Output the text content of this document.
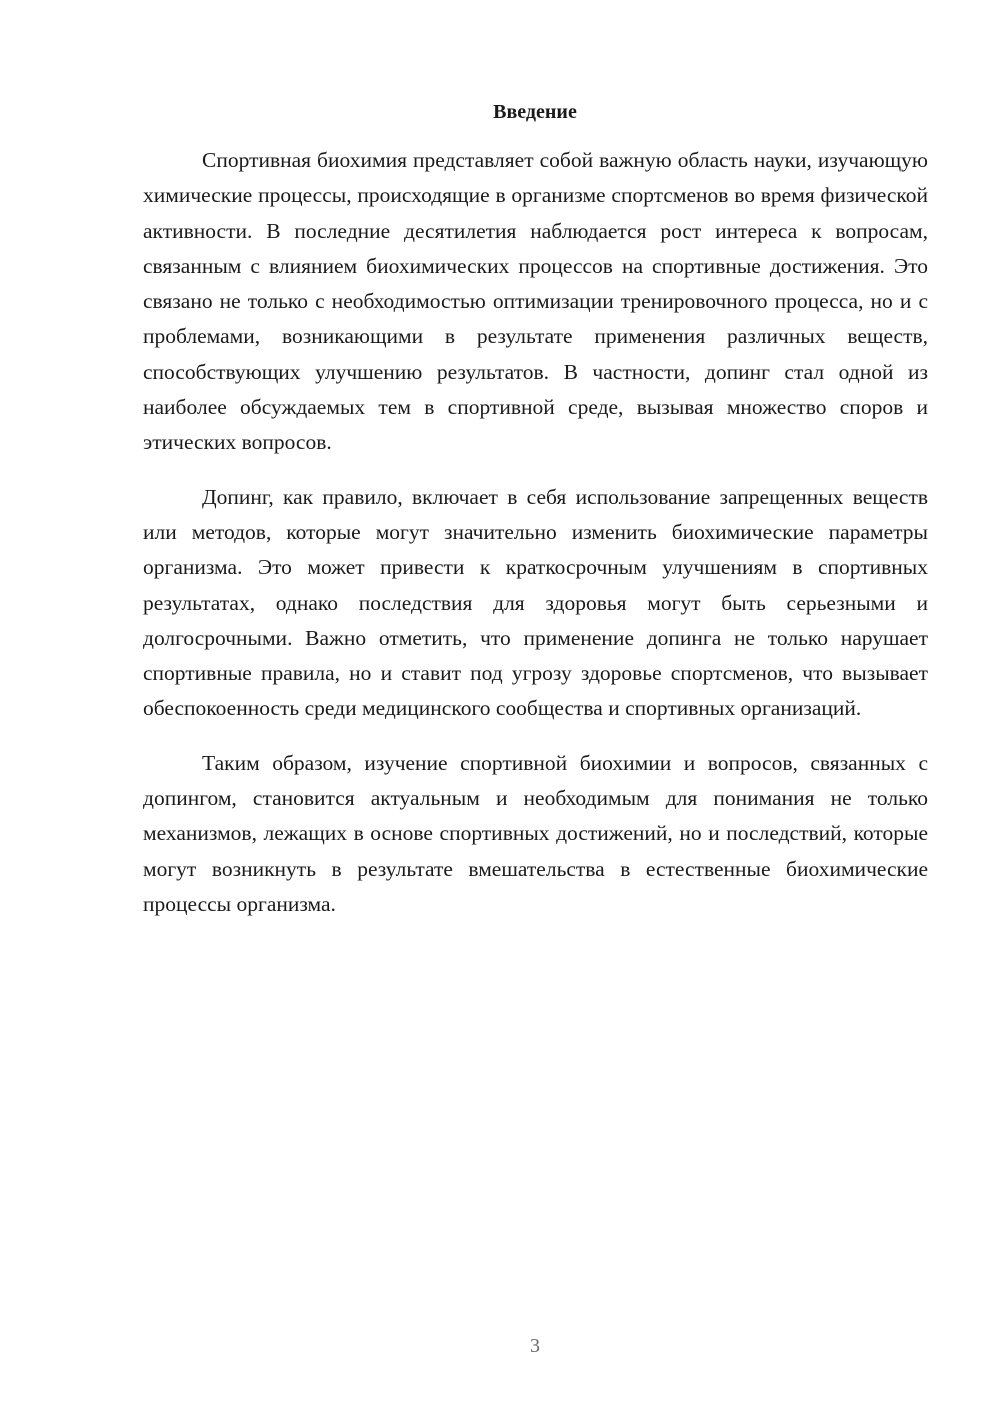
Введение

Спортивная биохимия представляет собой важную область науки, изучающую химические процессы, происходящие в организме спортсменов во время физической активности. В последние десятилетия наблюдается рост интереса к вопросам, связанным с влиянием биохимических процессов на спортивные достижения. Это связано не только с необходимостью оптимизации тренировочного процесса, но и с проблемами, возникающими в результате применения различных веществ, способствующих улучшению результатов. В частности, допинг стал одной из наиболее обсуждаемых тем в спортивной среде, вызывая множество споров и этических вопросов.

Допинг, как правило, включает в себя использование запрещенных веществ или методов, которые могут значительно изменить биохимические параметры организма. Это может привести к краткосрочным улучшениям в спортивных результатах, однако последствия для здоровья могут быть серьезными и долгосрочными. Важно отметить, что применение допинга не только нарушает спортивные правила, но и ставит под угрозу здоровье спортсменов, что вызывает обеспокоенность среди медицинского сообщества и спортивных организаций.

Таким образом, изучение спортивной биохимии и вопросов, связанных с допингом, становится актуальным и необходимым для понимания не только механизмов, лежащих в основе спортивных достижений, но и последствий, которые могут возникнуть в результате вмешательства в естественные биохимические процессы организма.

3
